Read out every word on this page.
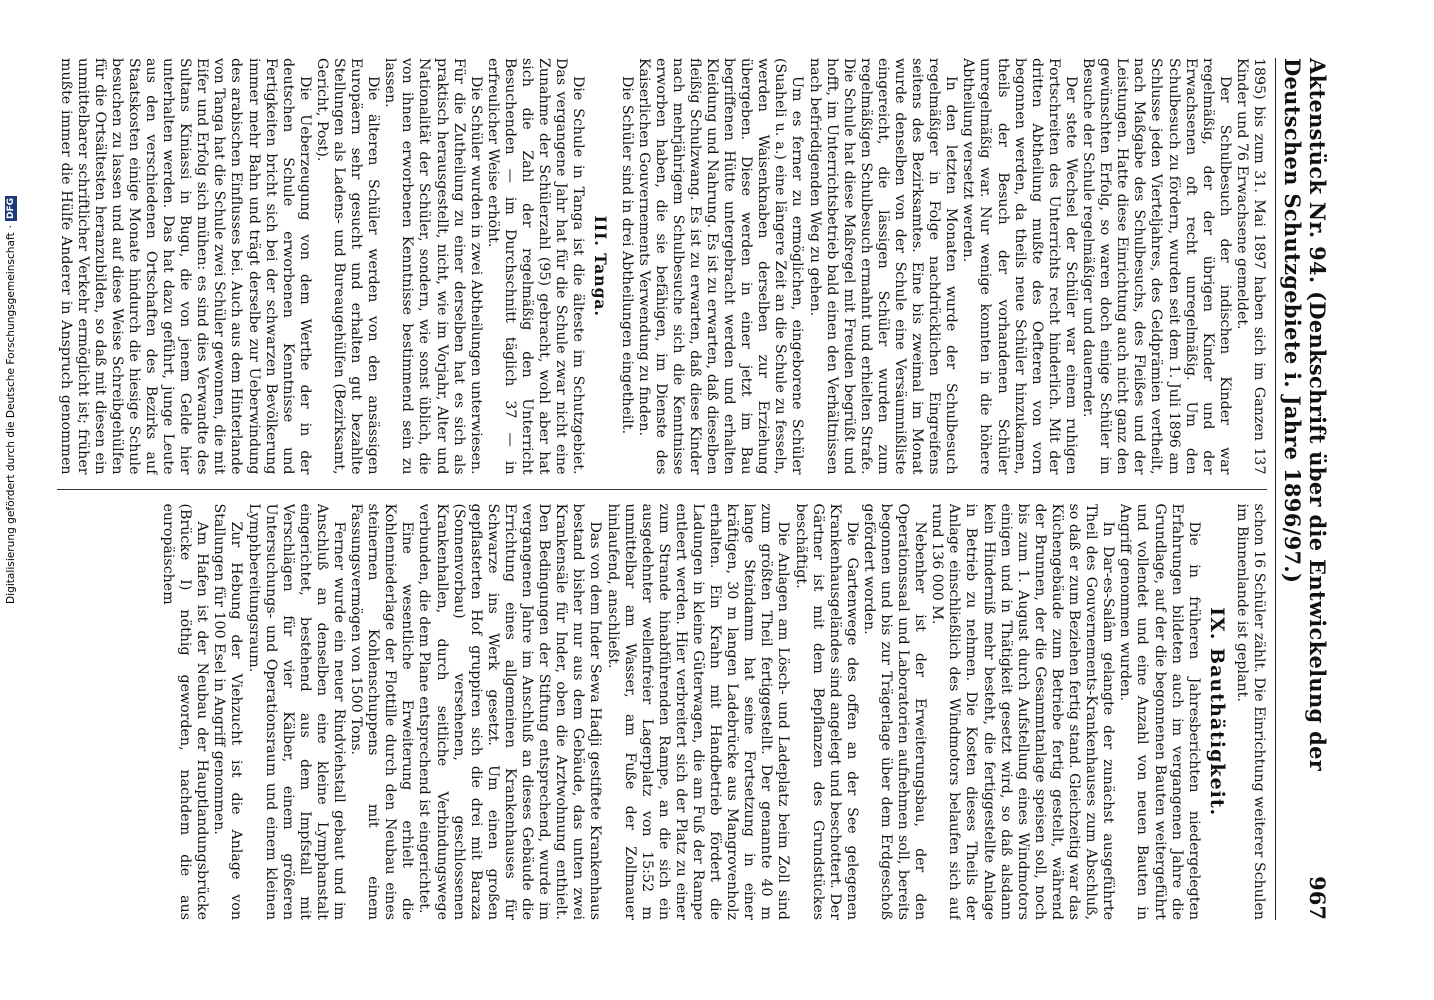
Aktenstück Nr. 94. (Denkschrift über die Entwickelung der Deutschen Schutzgebiete i. Jahre 1896/97.)
967

1895) bis zum 31. Mai 1897 haben sich im Ganzen 137 Kinder und 76 Erwachsene gemeldet.

Der Schulbesuch der indischen Kinder war regelmäßig, der der übrigen Kinder und der Erwachsenen oft recht unregelmäßig. Um den Schulbesuch zu fördern, wurden seit dem 1. Juli 1896 am Schlusse jeden Vierteljahres, des Geldprämien vertheilt, nach Maßgabe des Schulbesuchs, des Fleißes und der Leistungen. Hatte diese Einrichtung auch nicht ganz den gewünschten Erfolg, so waren doch einige Schüler im Besuche der Schule regelmäßiger und dauernder.

Der stete Wechsel der Schüler war einem ruhigen Fortschreiten des Unterrichts recht hinderlich. Mit der dritten Abtheilung mußte des Oefteren von vorn begonnen werden, da theils neue Schüler hinzukamen, theils der Besuch der vorhandenen Schüler unregelmäßig war. Nur wenige konnten in die höhere Abtheilung versetzt werden.

In den letzten Monaten wurde der Schulbesuch regelmäßiger in Folge nachdrücklichen Eingreifens seitens des Bezirksamtes. Eine bis zweimal im Monat wurde denselben von der Schule eine Versäumnißliste eingereicht, die lässigen Schüler wurden zum regelmäßigen Schulbesuch ermahnt und erhielten Strafe. Die Schule hat diese Maßregel mit Freuden begrüßt und hofft, im Unterrichtsbetrieb bald einen den Verhältnissen nach befriedigenden Weg zu gehen.

Um es ferner zu ermöglichen, eingeborene Schüler (Suaheli u. a.) eine längere Zeit an die Schule zu fesseln, werden Waisenknaben derselben zur Erziehung übergeben. Diese werden in einer jetzt im Bau begriffenen Hütte untergebracht werden und erhalten Kleidung und Nahrung. Es ist zu erwarten, daß dieselben fleißig Schulzwang. Es ist zu erwarten, daß diese Kinder nach mehrjährigem Schulbesuche sich die Kenntnisse erworben haben, die sie befähigen, im Dienste des Kaiserlichen Gouvernements Verwendung zu finden.

Die Schüler sind in drei Abtheilungen eingetheilt.

III. Tanga.

Die Schule in Tanga ist die älteste im Schutzgebiet. Das vergangene Jahr hat für die Schule zwar nicht eine Zunahme der Schülerzahl (95) gebracht, wohl aber hat sich die Zahl der regelmäßig den Unterricht Besuchenden — im Durchschnitt täglich 37 — in erfreulicher Weise erhöht.

Die Schüler wurden in zwei Abtheilungen unterwiesen. Für die Zutheilung zu einer derselben hat es sich als praktisch herausgestellt, nicht, wie im Vorjahr, Alter und Nationalität der Schüler, sondern, wie sonst üblich, die von ihnen erworbenen Kenntnisse bestimmend sein zu lassen.

Die älteren Schüler werden von den ansässigen Europäern sehr gesucht und erhalten gut bezahlte Stellungen als Ladens- und Bureaugehülfen (Bezirksamt, Gericht, Post).

Die Ueberzeugung von dem Werthe der in der deutschen Schule erworbenen Kenntnisse und Fertigkeiten bricht sich bei der schwarzen Bevölkerung immer mehr Bahn und trägt derselbe zur Ueberwindung des arabischen Einflusses bei. Auch aus dem Hinterlande von Tanga hat die Schule zwei Schüler gewonnen, die mit Eifer und Erfolg sich mühen: es sind dies Verwandte des Sultans Kiniassi in Bugu, die von jenem Gelde hier unterhalten werden. Das hat dazu geführt, junge Leute aus den verschiedenen Ortschaften des Bezirks auf Staatskosten einige Monate hindurch die hiesige Schule besuchen zu lassen und auf diese Weise Schreibgehülfen für die Ortsältesten heranzubilden, so daß mit diesen ein unmittelbarer schriftlicher Verkehr ermöglicht ist; früher mußte immer die Hülfe Anderer in Anspruch genommen

schon 16 Schüler zählt. Die Einrichtung weiterer Schulen im Binnenlande ist geplant.

IX. Bauthätigkeit.

Die in früheren Jahresberichten niedergelegten Erfahrungen bildeten auch im vergangenen Jahre die Grundlage, auf der die begonnenen Bauten weitergeführt und vollendet und eine Anzahl von neuen Bauten in Angriff genommen wurden.

In Dar-es-Salâm gelangte der zunächst ausgeführte Theil des Gouvernements-Krankenhauses zum Abschluß, so daß er zum Beziehen fertig stand. Gleichzeitig war das Küchengebäude zum Betriebe fertig gestellt, während der Brunnen, der die Gesammtanlage speisen soll, noch bis zum 1. August durch Aufstellung eines Windmotors einigen und in Thätigkeit gesetzt wird, so daß alsdann kein Hinderniß mehr besteht, die fertiggestellte Anlage in Betrieb zu nehmen. Die Kosten dieses Theils der Anlage einschließlich des Windmotors belaufen sich auf rund 136 000 M.

Nebenher ist der Erweiterungsbau, der den Operationssaal und Laboratorien aufnehmen soll, bereits begonnen und bis zur Trägerlage über dem Erdgeschoß gefördert worden.

Die Gartenwege des offen an der See gelegenen Krankenhausgeländes sind angelegt und beschottert. Der Gärtner ist mit dem Bepflanzen des Grundstückes beschäftigt.

Die Anlagen am Lösch- und Ladeplatz beim Zoll sind zum größten Theil fertiggestellt. Der genannte 40 m lange Steindamm hat seine Fortsetzung in einer kräftigen, 30 m langen Ladebrücke aus Mangrovenholz erhalten. Ein Krahn mit Handbetrieb fördert die Ladungen in kleine Güterwagen, die am Fuß der Rampe entleert werden. Hier verbreitert sich der Platz zu einer zum Strande hinabführenden Rampe, an die sich ein ausgedehnter wellenfreier Lagerplatz von 15:52 m unmittelbar am Wasser, am Fuße der Zollmauer hinlaufend, anschließt.

Das von dem Inder Sewa Hadji gestiftete Krankenhaus bestand bisher nur aus dem Gebäude, das unten zwei Krankensäle für Inder, oben die Arztwohnung enthielt. Den Bedingungen der Stiftung entsprechend, wurde im vergangenen Jahre im Anschluß an dieses Gebäude die Errichtung eines allgemeinen Krankenhauses für Schwarze ins Werk gesetzt. Um einen großen gepflasterten Hof gruppiren sich die drei mit Baraza (Sonnenvorbau) versehenen, geschlossenen Krankenhallen, durch seitliche Verbindungswege verbunden, die dem Plane entsprechend ist eingerichtet.

Eine wesentliche Erweiterung erhielt die Kohlenniederlage der Flottille durch den Neubau eines steinernen Kohlenschuppens mit einem Fassungsvermögen von 1500 Tons.

Ferner wurde ein neuer Rindviehstall gebaut und im Anschluß an denselben eine kleine Lymphanstalt eingerichtet, bestehend aus dem Impfstall mit Verschlägen für vier Kälber, einem größeren Untersuchungs- und Operationsraum und einem kleinen Lymphbereitungsraum.

Zur Hebung der Viehzucht ist die Anlage von Stallungen für 100 Esel in Angriff genommen.

Am Hafen ist der Neubau der Hauptlandungsbrücke (Brücke I) nöthig geworden, nachdem die aus europäischem

Digitalisierung gefördert durch die Deutsche Forschungsgemeinschaft
·
DFG
